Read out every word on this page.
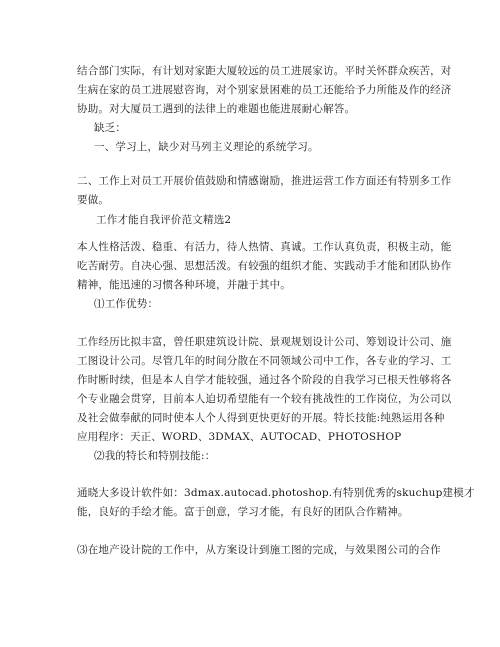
结合部门实际，有计划对家距大厦较远的员工进展家访。平时关怀群众疾苦，对
生病在家的员工进展慰咨询，对个别家景困难的员工还能给予力所能及作的经济
协助。对大厦员工遇到的法律上的难题也能进展耐心解答。
缺乏：
一、学习上，缺少对马列主义理论的系统学习。
二、工作上对员工开展价值鼓励和情感谢励，推进运营工作方面还有特别多工作
要做。
工作才能自我评价范文精选2
本人性格活泼、稳重、有活力，待人热情、真诚。工作认真负责，积极主动，能
吃苦耐劳。自决心强、思想活泼。有较强的组织才能、实践动手才能和团队协作
精神，能迅速的习惯各种环境，并融于其中。
⑴工作优势：
工作经历比拟丰富，曾任职建筑设计院、景观规划设计公司、筹划设计公司、施
工图设计公司。尽管几年的时间分散在不同领域公司中工作，各专业的学习、工
作时断时续，但是本人自学才能较强，通过各个阶段的自我学习已根天性够将各
个专业融会贯穿，目前本人迫切希望能有一个较有挑战性的工作岗位，为公司以
及社会做奉献的同时使本人个人得到更快更好的开展。特长技能:纯熟运用各种
应用程序：天正、WORD、3DMAX、AUTOCAD、PHOTOSHOP
⑵我的特长和特别技能:：
通晓大多设计软件如：3dmax.autocad.photoshop.有特别优秀的skuchup建模才
能，良好的手绘才能。富于创意，学习才能，有良好的团队合作精神。
⑶在地产设计院的工作中，从方案设计到施工图的完成，与效果图公司的合作
